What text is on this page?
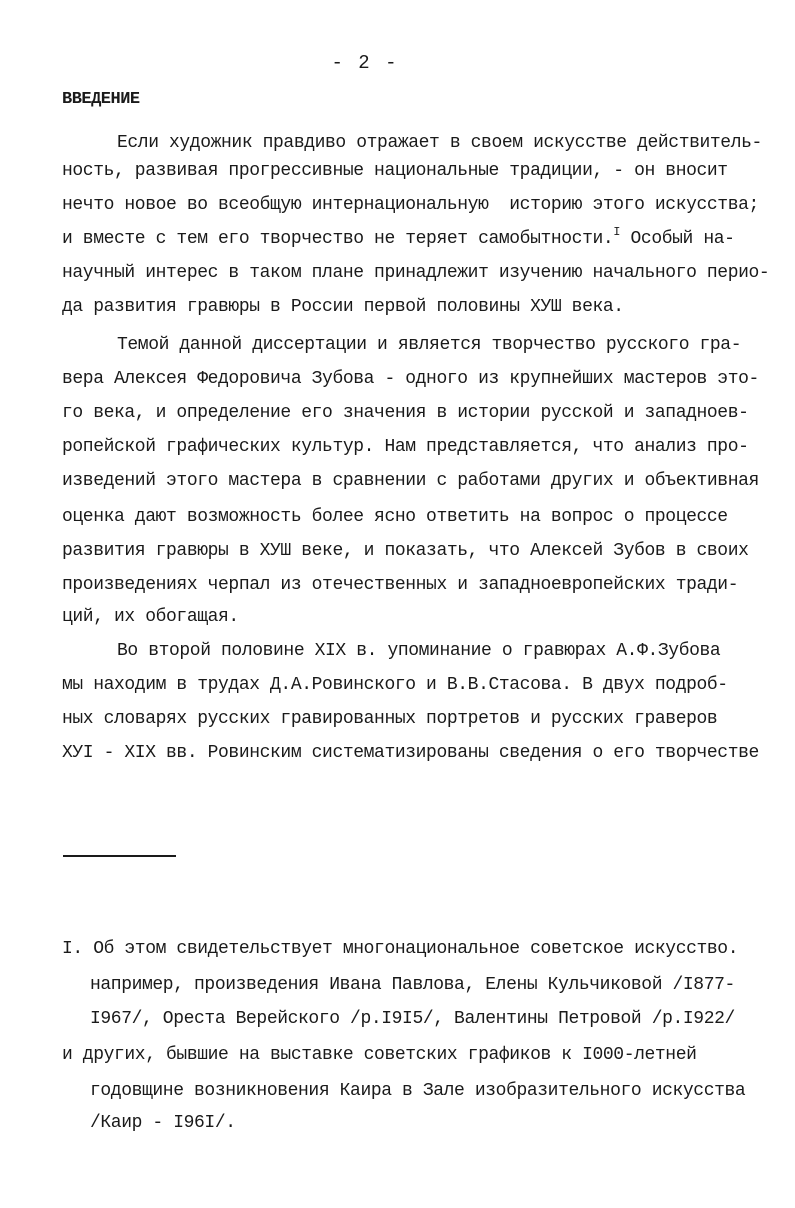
- 2 -
ВВЕДЕНИЕ
Если художник правдиво отражает в своем искусстве действитель-
ность, развивая прогрессивные национальные традиции, - он вносит
нечто новое во всеобщую интернациональную  историю этого искусства;
и вместе с тем его творчество не теряет самобытности.$^I$ Особый на-
научный интерес в таком плане принадлежит изучению начального перио-
да развития гравюры в России первой половины ХУШ века.
Темой данной диссертации и является творчество русского гра-
вера Алексея Федоровича Зубова - одного из крупнейших мастеров это-
го века, и определение его значения в истории русской и западноев-
ропейской графических культур. Нам представляется, что анализ про-
изведений этого мастера в сравнении с работами других и объективная
оценка дают возможность более ясно ответить на вопрос о процессе
развития гравюры в ХУШ веке, и показать, что Алексей Зубов в своих
произведениях черпал из отечественных и западноевропейских тради-
ций, их обогащая.
Во второй половине XIX в. упоминание о гравюрах А.Ф.Зубова
мы находим в трудах Д.А.Ровинского и В.В.Стасова. В двух подроб-
ных словарях русских гравированных портретов и русских граверов
ХУI - XIX вв. Ровинским систематизированы сведения о его творчестве
I. Об этом свидетельствует многонациональное советское искусство.
например, произведения Ивана Павлова, Елены Кульчиковой /I877-
I967/, Ореста Верейского /р.I9I5/, Валентины Петровой /р.I922/
и других, бывшие на выставке советских графиков к I000-летней
годовщине возникновения Каира в Зале изобразительного искусства
/Каир - I96I/.
